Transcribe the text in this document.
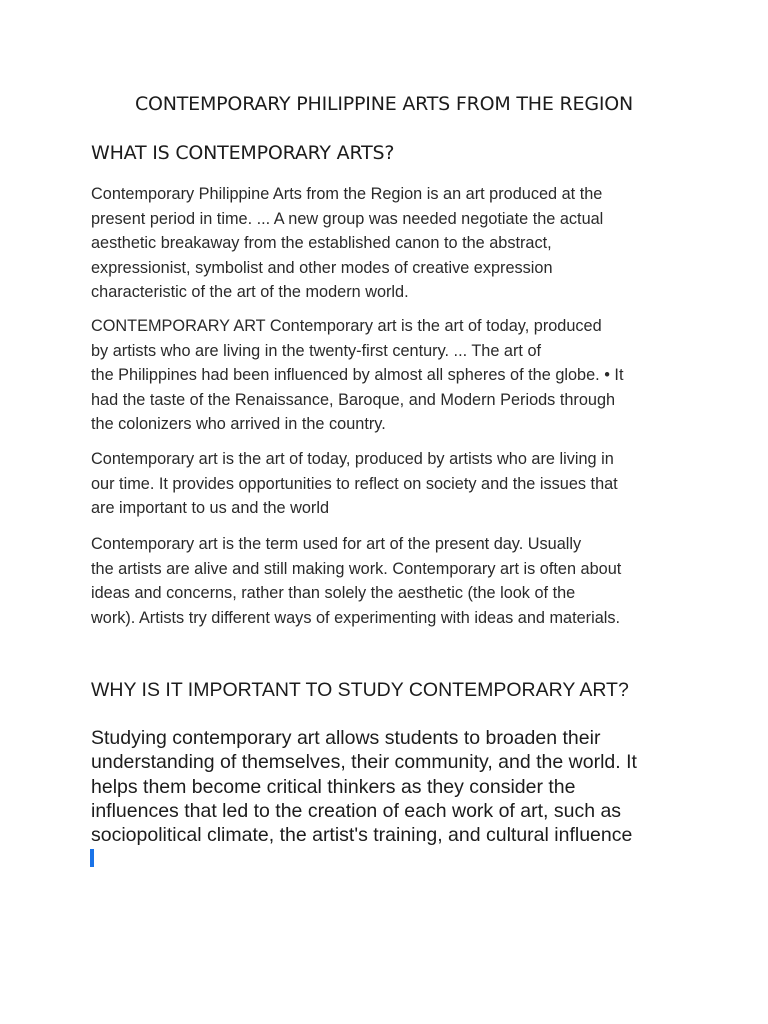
CONTEMPORARY PHILIPPINE ARTS FROM THE REGION
WHAT IS CONTEMPORARY ARTS?
Contemporary Philippine Arts from the Region is an art produced at the
present period in time. ... A new group was needed negotiate the actual
aesthetic breakaway from the established canon to the abstract,
expressionist, symbolist and other modes of creative expression
characteristic of the art of the modern world.
CONTEMPORARY ART Contemporary art is the art of today, produced
by artists who are living in the twenty-first century. ... The art of
the Philippines had been influenced by almost all spheres of the globe. • It
had the taste of the Renaissance, Baroque, and Modern Periods through
the colonizers who arrived in the country.
Contemporary art is the art of today, produced by artists who are living in
our time. It provides opportunities to reflect on society and the issues that
are important to us and the world
Contemporary art is the term used for art of the present day. Usually
the artists are alive and still making work. Contemporary art is often about
ideas and concerns, rather than solely the aesthetic (the look of the
work). Artists try different ways of experimenting with ideas and materials.
WHY IS IT IMPORTANT TO STUDY CONTEMPORARY ART?
Studying contemporary art allows students to broaden their
understanding of themselves, their community, and the world. It
helps them become critical thinkers as they consider the
influences that led to the creation of each work of art, such as
sociopolitical climate, the artist's training, and cultural influence
